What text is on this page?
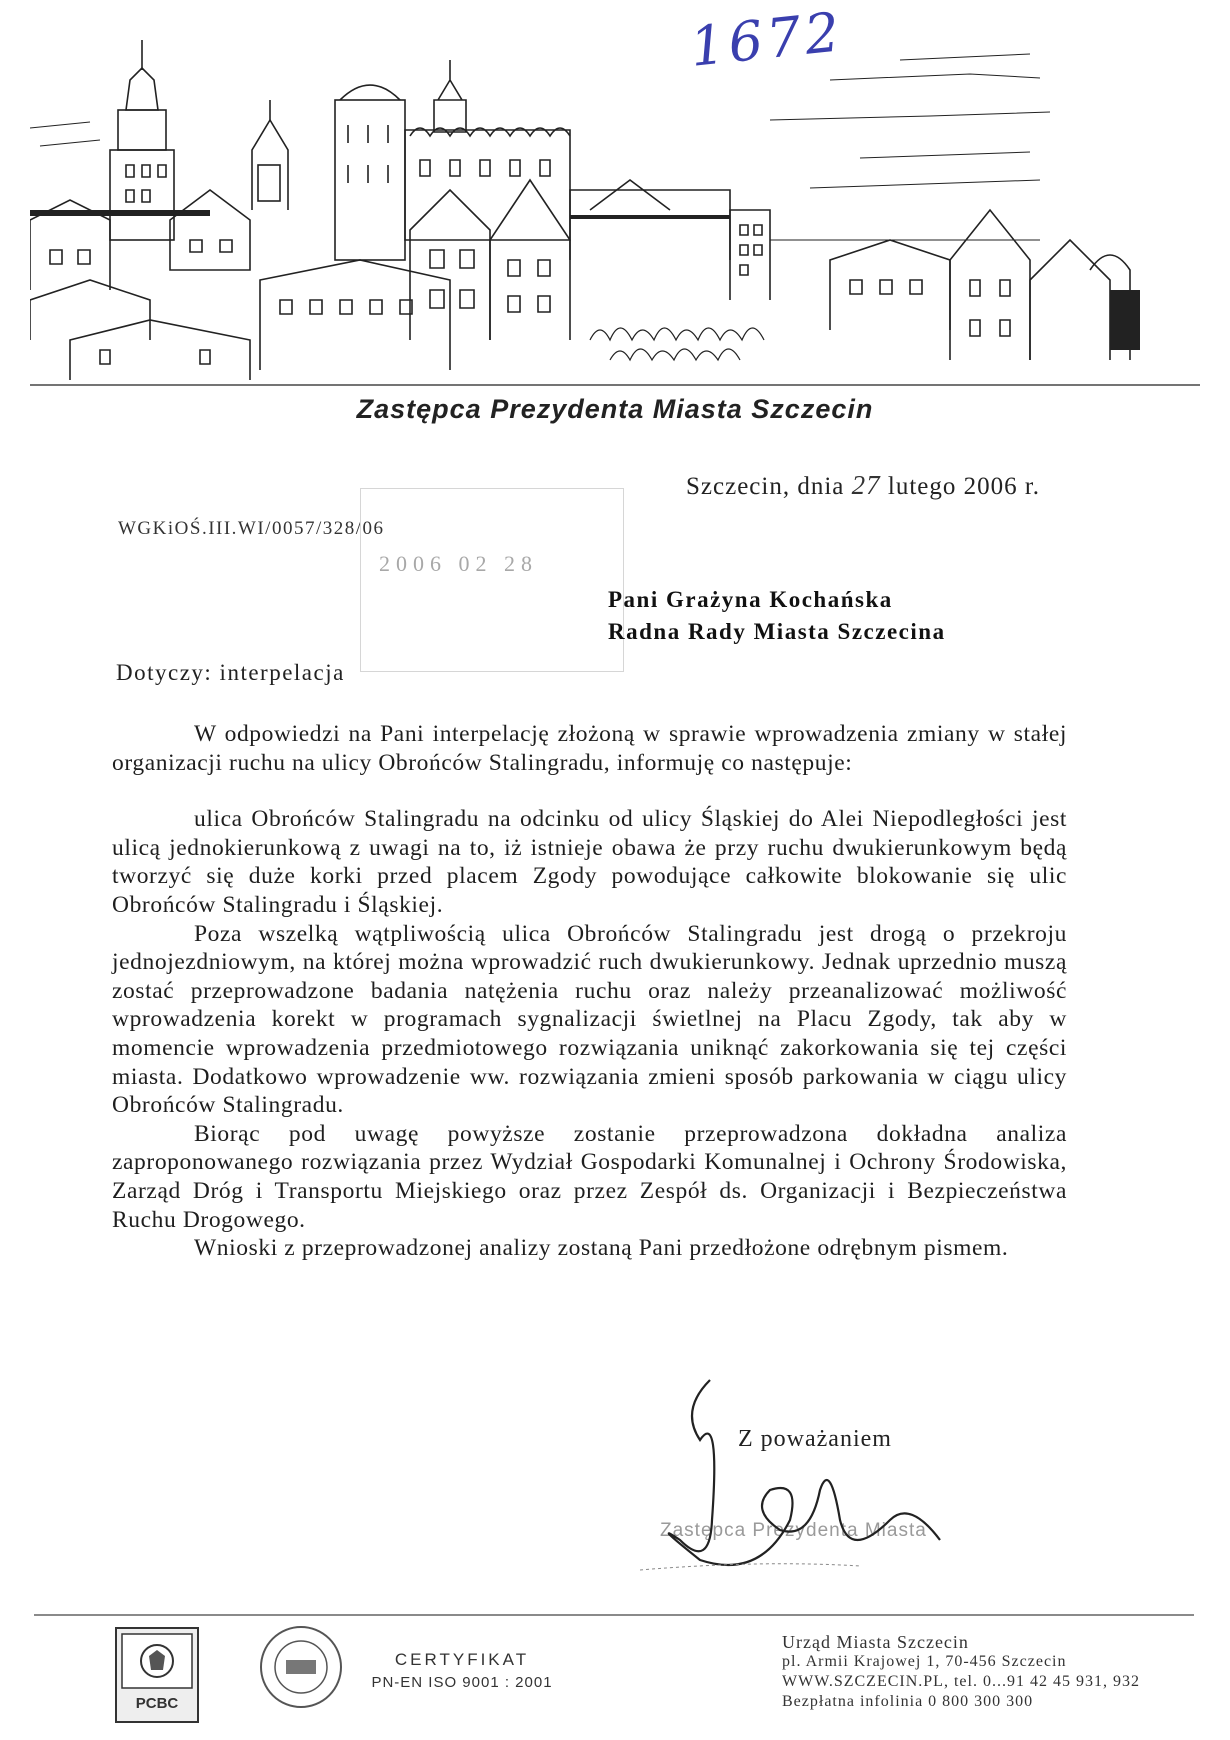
1672
Zastępca Prezydenta Miasta Szczecin
Szczecin, dnia 27 lutego 2006 r.
WGKiOŚ.III.WI/0057/328/06
2006 02 28
Pani Grażyna Kochańska
Radna Rady Miasta Szczecina
Dotyczy: interpelacja

W odpowiedzi na Pani interpelację złożoną w sprawie wprowadzenia zmiany w stałej organizacji ruchu na ulicy Obrońców Stalingradu, informuję co następuje:

ulica Obrońców Stalingradu na odcinku od ulicy Śląskiej do Alei Niepodległości jest ulicą jednokierunkową z uwagi na to, iż istnieje obawa że przy ruchu dwukierunkowym będą tworzyć się duże korki przed placem Zgody powodujące całkowite blokowanie się ulic Obrońców Stalingradu i Śląskiej.

Poza wszelką wątpliwością ulica Obrońców Stalingradu jest drogą o przekroju jednojezdniowym, na której można wprowadzić ruch dwukierunkowy. Jednak uprzednio muszą zostać przeprowadzone badania natężenia ruchu oraz należy przeanalizować możliwość wprowadzenia korekt w programach sygnalizacji świetlnej na Placu Zgody, tak aby w momencie wprowadzenia przedmiotowego rozwiązania uniknąć zakorkowania się tej części miasta. Dodatkowo wprowadzenie ww. rozwiązania zmieni sposób parkowania w ciągu ulicy Obrońców Stalingradu.

Biorąc pod uwagę powyższe zostanie przeprowadzona dokładna analiza zaproponowanego rozwiązania przez Wydział Gospodarki Komunalnej i Ochrony Środowiska, Zarząd Dróg i Transportu Miejskiego oraz przez Zespół ds. Organizacji i Bezpieczeństwa Ruchu Drogowego.

Wnioski z przeprowadzonej analizy zostaną Pani przedłożone odrębnym pismem.

Z poważaniem
Zastępca Prezydenta Miasta
PCBC
CERTYFIKAT
PN-EN ISO 9001 : 2001
Urząd Miasta Szczecin
pl. Armii Krajowej 1, 70-456 Szczecin
WWW.SZCZECIN.PL, tel. 0...91 42 45 931, 932
Bezpłatna infolinia 0 800 300 300
